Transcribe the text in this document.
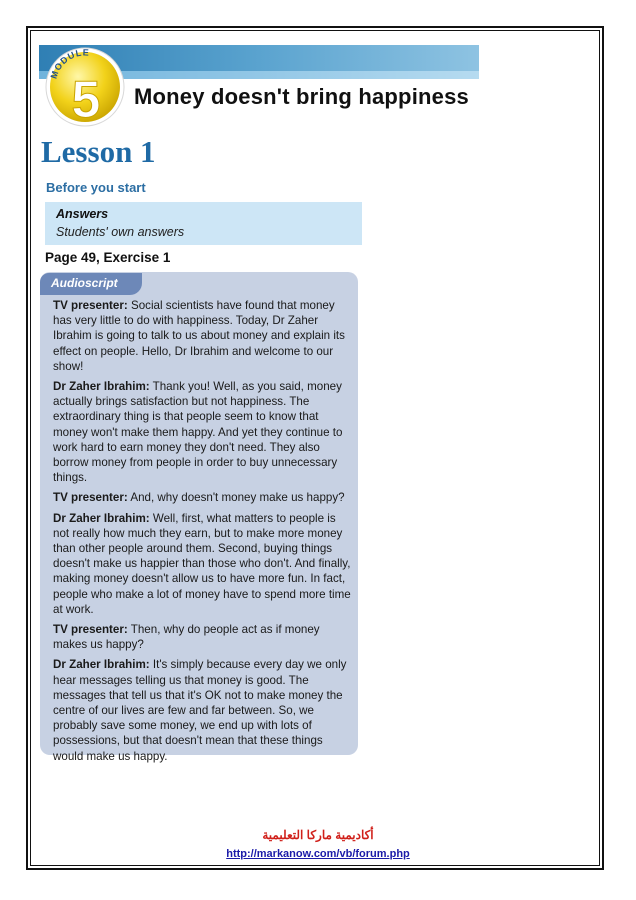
MODULE
5 Money doesn't bring happiness
Lesson 1
Before you start
Answers
Students' own answers
Page 49, Exercise 1

TV presenter: Social scientists have found that money has very little to do with happiness. Today, Dr Zaher Ibrahim is going to talk to us about money and explain its effect on people. Hello, Dr Ibrahim and welcome to our show!

Dr Zaher Ibrahim: Thank you! Well, as you said, money actually brings satisfaction but not happiness. The extraordinary thing is that people seem to know that money won't make them happy. And yet they continue to work hard to earn money they don't need. They also borrow money from people in order to buy unnecessary things.

TV presenter: And, why doesn't money make us happy?

Dr Zaher Ibrahim: Well, first, what matters to people is not really how much they earn, but to make more money than other people around them. Second, buying things doesn't make us happier than those who don't. And finally, making money doesn't allow us to have more fun. In fact, people who make a lot of money have to spend more time at work.

TV presenter: Then, why do people act as if money makes us happy?

Dr Zaher Ibrahim: It's simply because every day we only hear messages telling us that money is good. The messages that tell us that it's OK not to make money the centre of our lives are few and far between. So, we probably save some money, we end up with lots of possessions, but that doesn't mean that these things would make us happy.

Audioscript
أكاديمية ماركا التعليمية
http://markanow.com/vb/forum.php
